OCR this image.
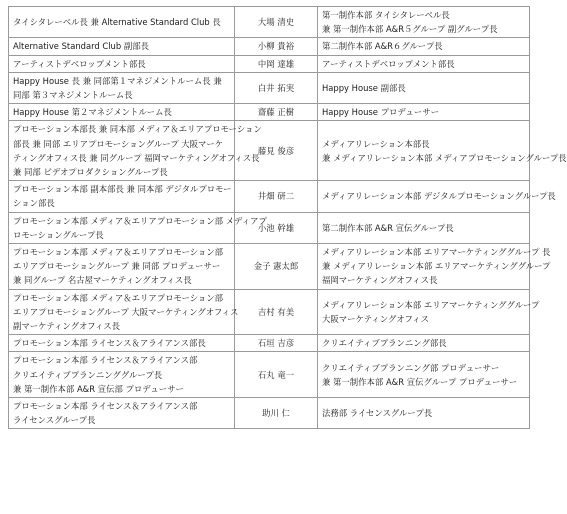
タイシタレーベル長 兼 Alternative Standard Club 長	大場 清史	第一制作本部 タイシタレーベル長
兼 第一制作本部 A&R５グループ 副グループ長

Alternative Standard Club 副部長	小柳 貴裕	第二制作本部 A&R６グループ長

アーティストデベロップメント部長	中岡 達雄	アーティストデベロップメント部長

Happy House 長 兼 同部第１マネジメントルーム長 兼
同部 第３マネジメントルーム長	白井 拓実	Happy House 副部長

Happy House 第２マネジメントルーム長	齋藤 正樹	Happy House プロデューサー

プロモーション本部長 兼 同本部 メディア＆エリアプロモーション
部長 兼 同部 エリアプロモーショングループ 大阪マーケ
ティングオフィス長 兼 同グループ 福岡マーケティングオフィス長
兼 同部 ビデオプロダクショングループ長	藤見 俊彦	メディアリレーション本部長
兼 メディアリレーション本部 メディアプロモーショングループ長

プロモーション本部 副本部長 兼 同本部 デジタルプロモー
ション部長	井畑 研二	メディアリレーション本部 デジタルプロモーショングループ長

プロモーション本部 メディア＆エリアプロモーション部 メディアプ
ロモーショングループ長	小池 幹雄	第二制作本部 A&R 宣伝グループ長

プロモーション本部 メディア＆エリアプロモーション部
エリアプロモーショングループ 兼 同部 プロデューサー
兼 同グループ 名古屋マーケティングオフィス長	金子 憲太郎	メディアリレーション本部 エリアマーケティンググループ 長
兼 メディアリレーション本部 エリアマーケティンググループ
福岡マーケティングオフィス長

プロモーション本部 メディア＆エリアプロモーション部
エリアプロモーショングループ 大阪マーケティングオフィス
副マーケティングオフィス長	吉村 有美	メディアリレーション本部 エリアマーケティンググループ
大阪マーケティングオフィス

プロモーション本部 ライセンス＆アライアンス部長	石垣 吉彦	クリエイティブプランニング部長

プロモーション本部 ライセンス＆アライアンス部
クリエイティブプランニンググループ長
兼 第一制作本部 A&R 宣伝部 プロデューサー	石丸 竜一	クリエイティブプランニング部 プロデューサー
兼 第一制作本部 A&R 宣伝グループ プロデューサー

プロモーション本部 ライセンス＆アライアンス部
ライセンスグループ長	助川 仁	法務部 ライセンスグループ長
